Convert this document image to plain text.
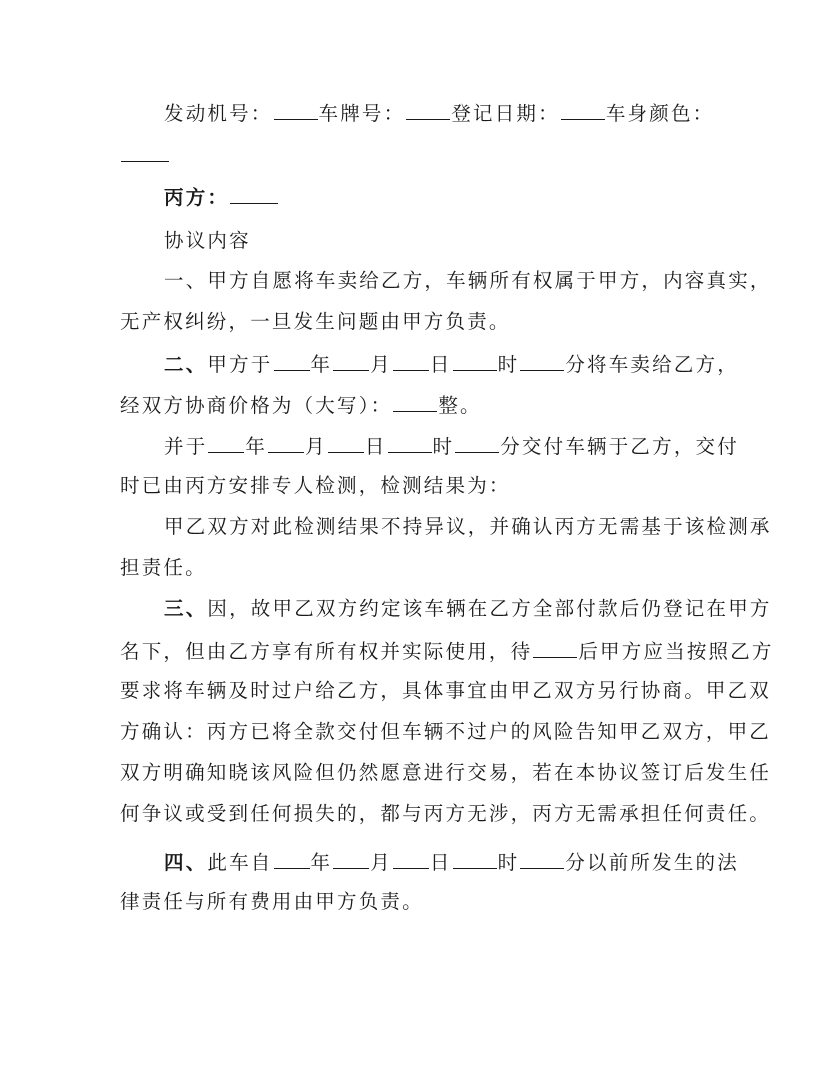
发动机号： 车牌号： 登记日期： 车身颜色：
丙方：
协议内容
一、甲方自愿将车卖给乙方，车辆所有权属于甲方，内容真实，
无产权纠纷，一旦发生问题由甲方负责。
二、甲方于 年 月 日 时 分将车卖给乙方，
经双方协商价格为（大写）： 整。
并于 年 月 日 时 分交付车辆于乙方，交付
时已由丙方安排专人检测，检测结果为：
甲乙双方对此检测结果不持异议，并确认丙方无需基于该检测承
担责任。
三、因，故甲乙双方约定该车辆在乙方全部付款后仍登记在甲方
名下，但由乙方享有所有权并实际使用，待 后甲方应当按照乙方
要求将车辆及时过户给乙方，具体事宜由甲乙双方另行协商。甲乙双
方确认：丙方已将全款交付但车辆不过户的风险告知甲乙双方，甲乙
双方明确知晓该风险但仍然愿意进行交易，若在本协议签订后发生任
何争议或受到任何损失的，都与丙方无涉，丙方无需承担任何责任。
四、此车自 年 月 日 时 分以前所发生的法
律责任与所有费用由甲方负责。
